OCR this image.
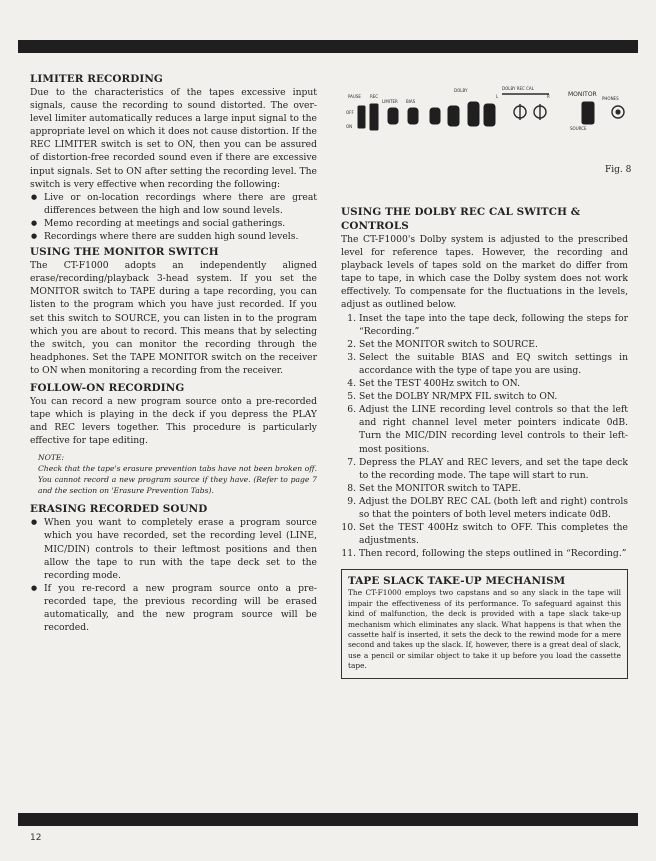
LIMITER RECORDING

Due to the characteristics of the tapes excessive input signals, cause the recording to sound distorted. The over-level limiter automatically reduces a large input signal to the appropriate level on which it does not cause distortion. If the REC LIMITER switch is set to ON, then you can be assured of distortion-free recorded sound even if there are excessive input signals. Set to ON after setting the recording level. The switch is very effective when recording the following:

● Live or on-location recordings where there are great differences between the high and low sound levels.
● Memo recording at meetings and social gatherings.
● Recordings where there are sudden high sound levels.
USING THE MONITOR SWITCH

The CT-F1000 adopts an independently aligned erase/recording/playback 3-head system. If you set the MONITOR switch to TAPE during a tape recording, you can listen to the program which you have just recorded. If you set this switch to SOURCE, you can listen in to the program which you are about to record. This means that by selecting the switch, you can monitor the recording through the headphones. Set the TAPE MONITOR switch on the receiver to ON when monitoring a recording from the receiver.

FOLLOW-ON RECORDING

You can record a new program source onto a pre-recorded tape which is playing in the deck if you depress the PLAY and REC levers together. This procedure is particularly effective for tape editing.

NOTE:
Check that the tape's erasure prevention tabs have not been broken off. You cannot record a new program source if they have. (Refer to page 7 and the section on 'Erasure Prevention Tabs).
ERASING RECORDED SOUND
● When you want to completely erase a program source which you have recorded, set the recording level (LINE, MIC/DIN) controls to their leftmost positions and then allow the tape to run with the tape deck set to the recording mode.
● If you re-record a new program source onto a pre-recorded tape, the previous recording will be erased automatically, and the new program source will be recorded.
PAUSE REC
LIMITER BIAS
DOLBY	DOLBY REC CAL
L	R	MONITOR
PHONES
OFF
ON	SOURCE
Fig. 8
USING THE DOLBY REC CAL SWITCH & CONTROLS

The CT-F1000's Dolby system is adjusted to the prescribed level for reference tapes. However, the recording and playback levels of tapes sold on the market do differ from tape to tape, in which case the Dolby system does not work effectively. To compensate for the fluctuations in the levels, adjust as outlined below.

1. Inset the tape into the tape deck, following the steps for “Recording.”
2. Set the MONITOR switch to SOURCE.
3. Select the suitable BIAS and EQ switch settings in accordance with the type of tape you are using.
4. Set the TEST 400Hz switch to ON.
5. Set the DOLBY NR/MPX FIL switch to ON.
6. Adjust the LINE recording level controls so that the left and right channel level meter pointers indicate 0dB. Turn the MIC/DIN recording level controls to their left-most positions.
7. Depress the PLAY and REC levers, and set the tape deck to the recording mode. The tape will start to run.
8. Set the MONITOR switch to TAPE.
9. Adjust the DOLBY REC CAL (both left and right) controls so that the pointers of both level meters indicate 0dB.
10. Set the TEST 400Hz switch to OFF. This completes the adjustments.
11. Then record, following the steps outlined in “Recording.”
TAPE SLACK TAKE-UP MECHANISM

The CT-F1000 employs two capstans and so any slack in the tape will impair the effectiveness of its performance. To safeguard against this kind of malfunction, the deck is provided with a tape slack take-up mechanism which eliminates any slack. What happens is that when the cassette half is inserted, it sets the deck to the rewind mode for a mere second and takes up the slack. If, however, there is a great deal of slack, use a pencil or similar object to take it up before you load the cassette tape.

12
